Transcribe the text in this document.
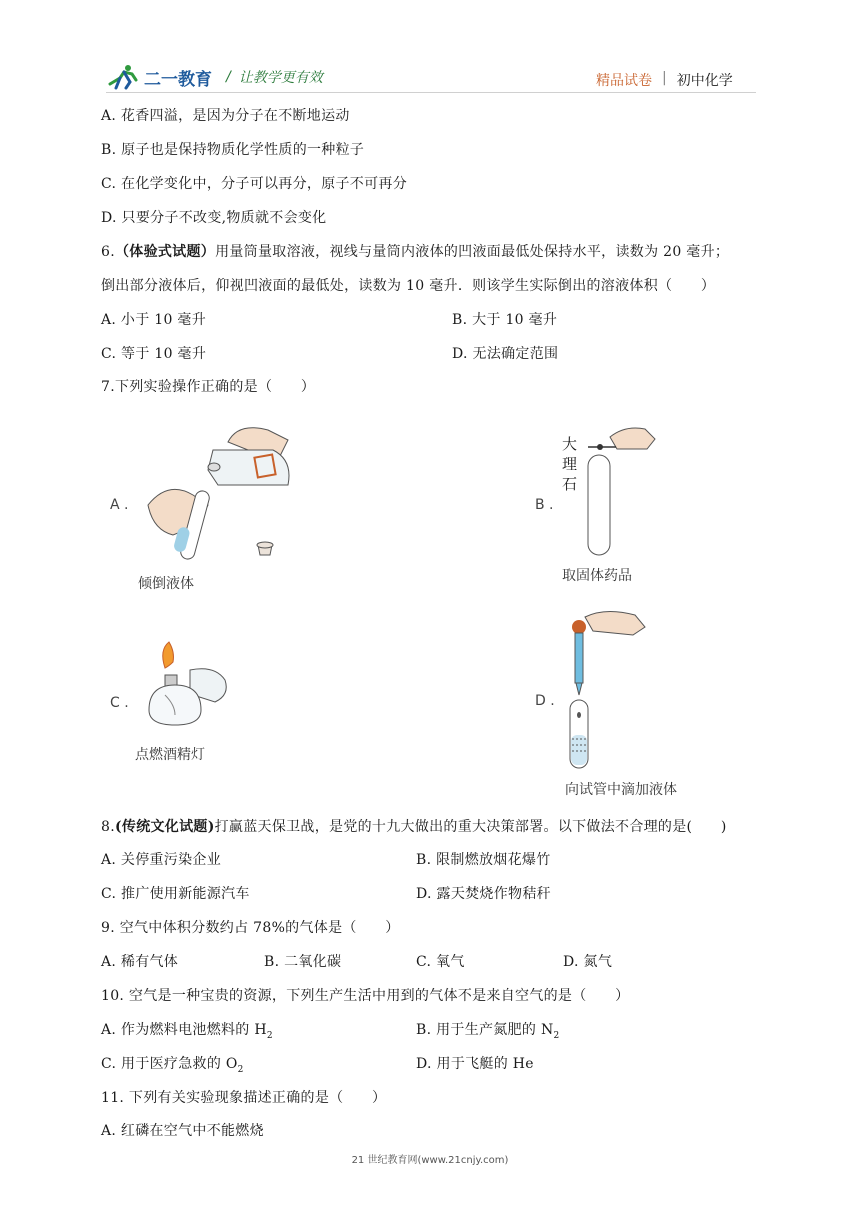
二一教育 / 让教学更有效	精品试卷 | 初中化学
A. 花香四溢，是因为分子在不断地运动
B. 原子也是保持物质化学性质的一种粒子
C. 在化学变化中，分子可以再分，原子不可再分
D. 只要分子不改变,物质就不会变化
6.（体验式试题）用量筒量取溶液，视线与量筒内液体的凹液面最低处保持水平，读数为 20 毫升；
倒出部分液体后，仰视凹液面的最低处，读数为 10 毫升．则该学生实际倒出的溶液体积（　　）
A. 小于 10 毫升	B. 大于 10 毫升
C. 等于 10 毫升	D. 无法确定范围
7.下列实验操作正确的是（　　）
A .
倾倒液体
B .
大
理
石
取固体药品
C .
点燃酒精灯
D .
向试管中滴加液体
8.(传统文化试题)打赢蓝天保卫战，是党的十九大做出的重大决策部署。以下做法不合理的是(　　)
A. 关停重污染企业	B. 限制燃放烟花爆竹
C. 推广使用新能源汽车	D. 露天焚烧作物秸秆
9. 空气中体积分数约占 78%的气体是（　　）
A. 稀有气体	B. 二氧化碳	C. 氧气	D. 氮气
10. 空气是一种宝贵的资源，下列生产生活中用到的气体不是来自空气的是（　　）
A. 作为燃料电池燃料的 $H_2$	B. 用于生产氮肥的 $N_2$
C. 用于医疗急救的 $O_2$	D. 用于飞艇的 He
11. 下列有关实验现象描述正确的是（　　）
A. 红磷在空气中不能燃烧
21 世纪教育网(www.21cnjy.com)
